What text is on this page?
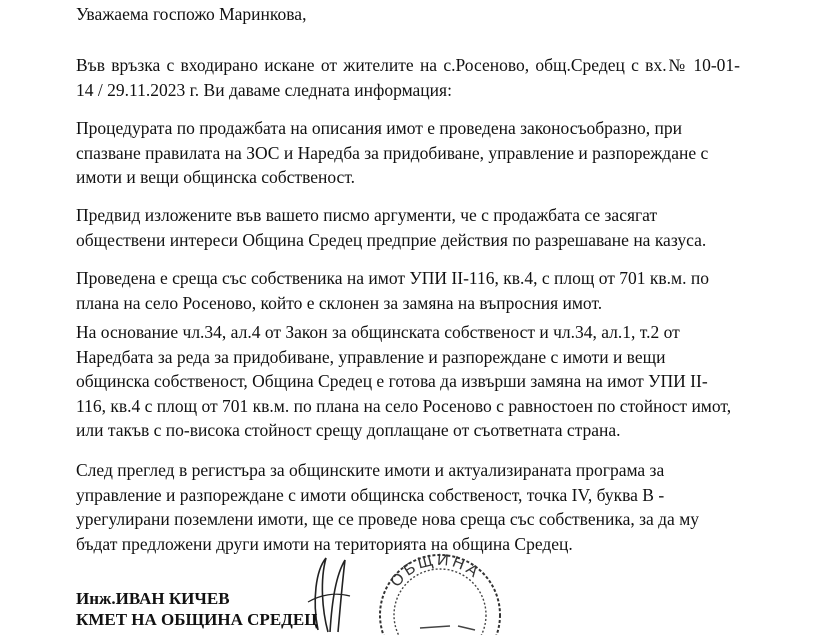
Уважаема госпожо Маринкова,
Във връзка с входирано искане от жителите на с.Росеново, общ.Средец с вх.№ 10-01-
14 / 29.11.2023 г. Ви даваме следната информация:
Процедурата по продажбата на описания имот е проведена законосъобразно, при
спазване правилата на ЗОС и Наредба за придобиване, управление и разпореждане с
имоти и вещи общинска собственост.
Предвид изложените във вашето писмо аргументи, че с продажбата се засягат
обществени интереси Община Средец предприе действия по разрешаване на казуса.
Проведена е среща със собственика на имот УПИ II-116, кв.4, с площ от 701 кв.м. по
плана на село Росеново, който е склонен за замяна на въпросния имот.
На основание чл.34, ал.4 от Закон за общинската собственост и чл.34, ал.1, т.2 от
Наредбата за реда за придобиване, управление и разпореждане с имоти и вещи
общинска собственост, Община Средец е готова да извърши замяна на имот УПИ II-
116, кв.4 с площ от 701 кв.м. по плана на село Росеново с равностоен по стойност имот,
или такъв с по-висока стойност срещу доплащане от съответната страна.
След преглед в регистъра за общинските имоти и актуализираната програма за
управление и разпореждане с имоти общинска собственост, точка IV, буква В -
урегулирани поземлени имоти, ще се проведе нова среща със собственика, за да му
бъдат предложени други имоти на територията на община Средец.
ОБЩИНА
Инж.ИВАН КИЧЕВ
КМЕТ НА ОБЩИНА СРЕДЕЦ
